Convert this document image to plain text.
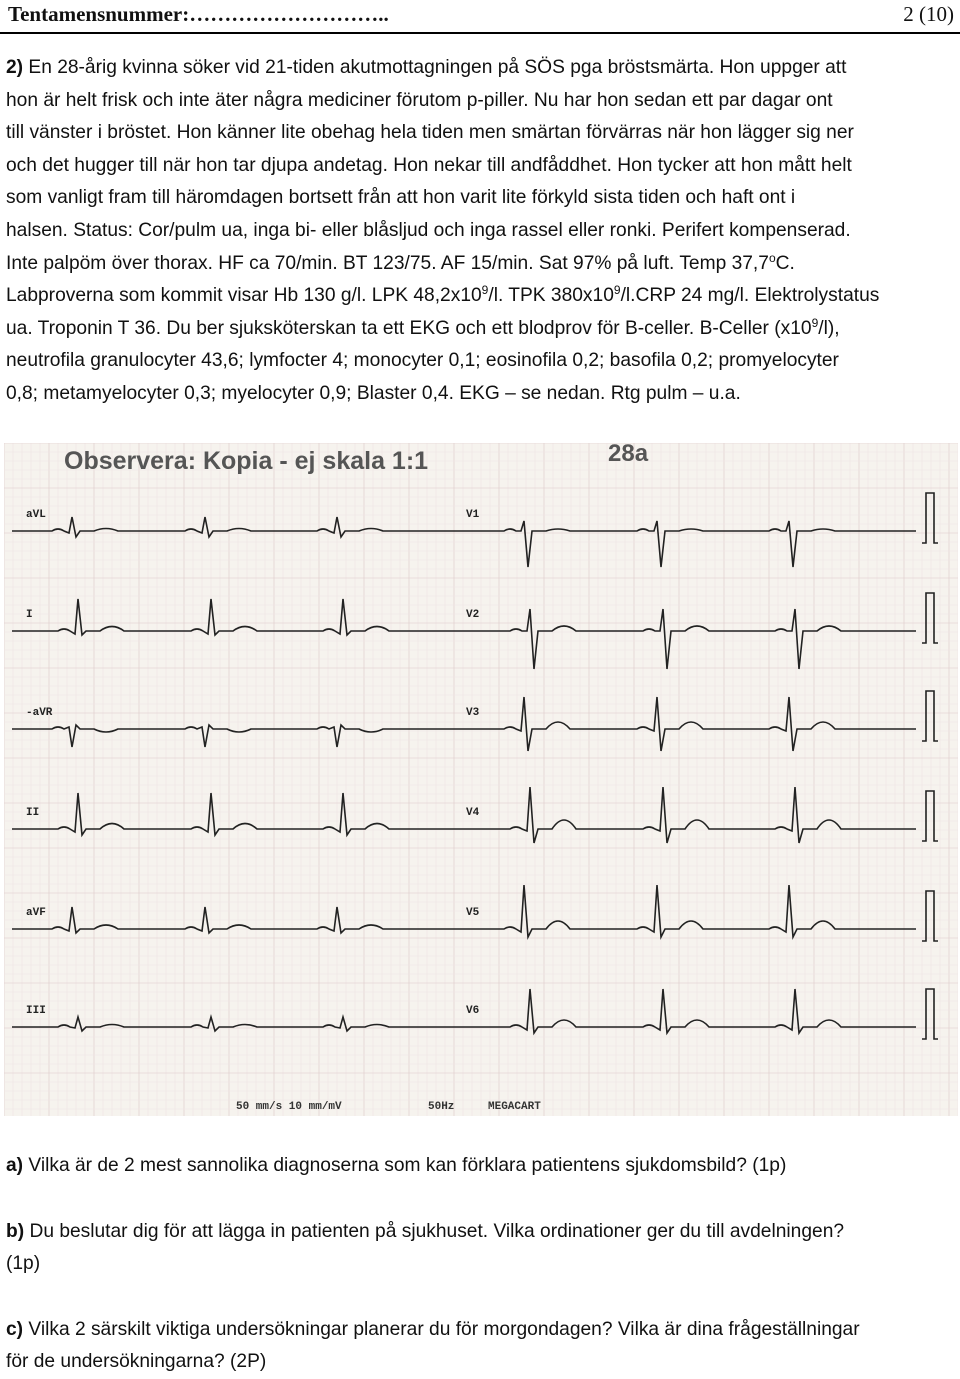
Tentamensnummer:………………………..	2 (10)
2) En 28-årig kvinna söker vid 21-tiden akutmottagningen på SÖS pga bröstsmärta. Hon uppger att
hon är helt frisk och inte äter några mediciner förutom p-piller. Nu har hon sedan ett par dagar ont
till vänster i bröstet. Hon känner lite obehag hela tiden men smärtan förvärras när hon lägger sig ner
och det hugger till när hon tar djupa andetag. Hon nekar till andfåddhet. Hon tycker att hon mått helt
som vanligt fram till häromdagen bortsett från att hon varit lite förkyld sista tiden och haft ont i
halsen. Status: Cor/pulm ua, inga bi- eller blåsljud och inga rassel eller ronki. Perifert kompenserad.
Inte palpöm över thorax. HF ca 70/min. BT 123/75. AF 15/min. Sat 97% på luft. Temp 37,7$^o$C.
Labproverna som kommit visar Hb 130 g/l. LPK $48,2x10^9/l$. TPK $380x10^9/l.CRP$ 24 mg/l. Elektrolystatus
ua. Troponin T 36. Du ber sjuksköterskan ta ett EKG och ett blodprov för B-celler. B-Celler $(x10^9/l)$,
neutrofila granulocyter 43,6; lymfocter 4; monocyter 0,1; eosinofila 0,2; basofila 0,2; promyelocyter
0,8; metamyelocyter 0,3; myelocyter 0,9; Blaster 0,4. EKG – se nedan. Rtg pulm – u.a.
Observera: Kopia - ej skala 1:1	28a
aVL	V1
I	V2
-aVR	V3
II	V4
aVF	V5
III	V6
50 mm/s 10 mm/mV	50Hz	MEGACART
a) Vilka är de 2 mest sannolika diagnoserna som kan förklara patientens sjukdomsbild? (1p)
b) Du beslutar dig för att lägga in patienten på sjukhuset. Vilka ordinationer ger du till avdelningen?
(1p)
c) Vilka 2 särskilt viktiga undersökningar planerar du för morgondagen? Vilka är dina frågeställningar
för de undersökningarna? (2P)
